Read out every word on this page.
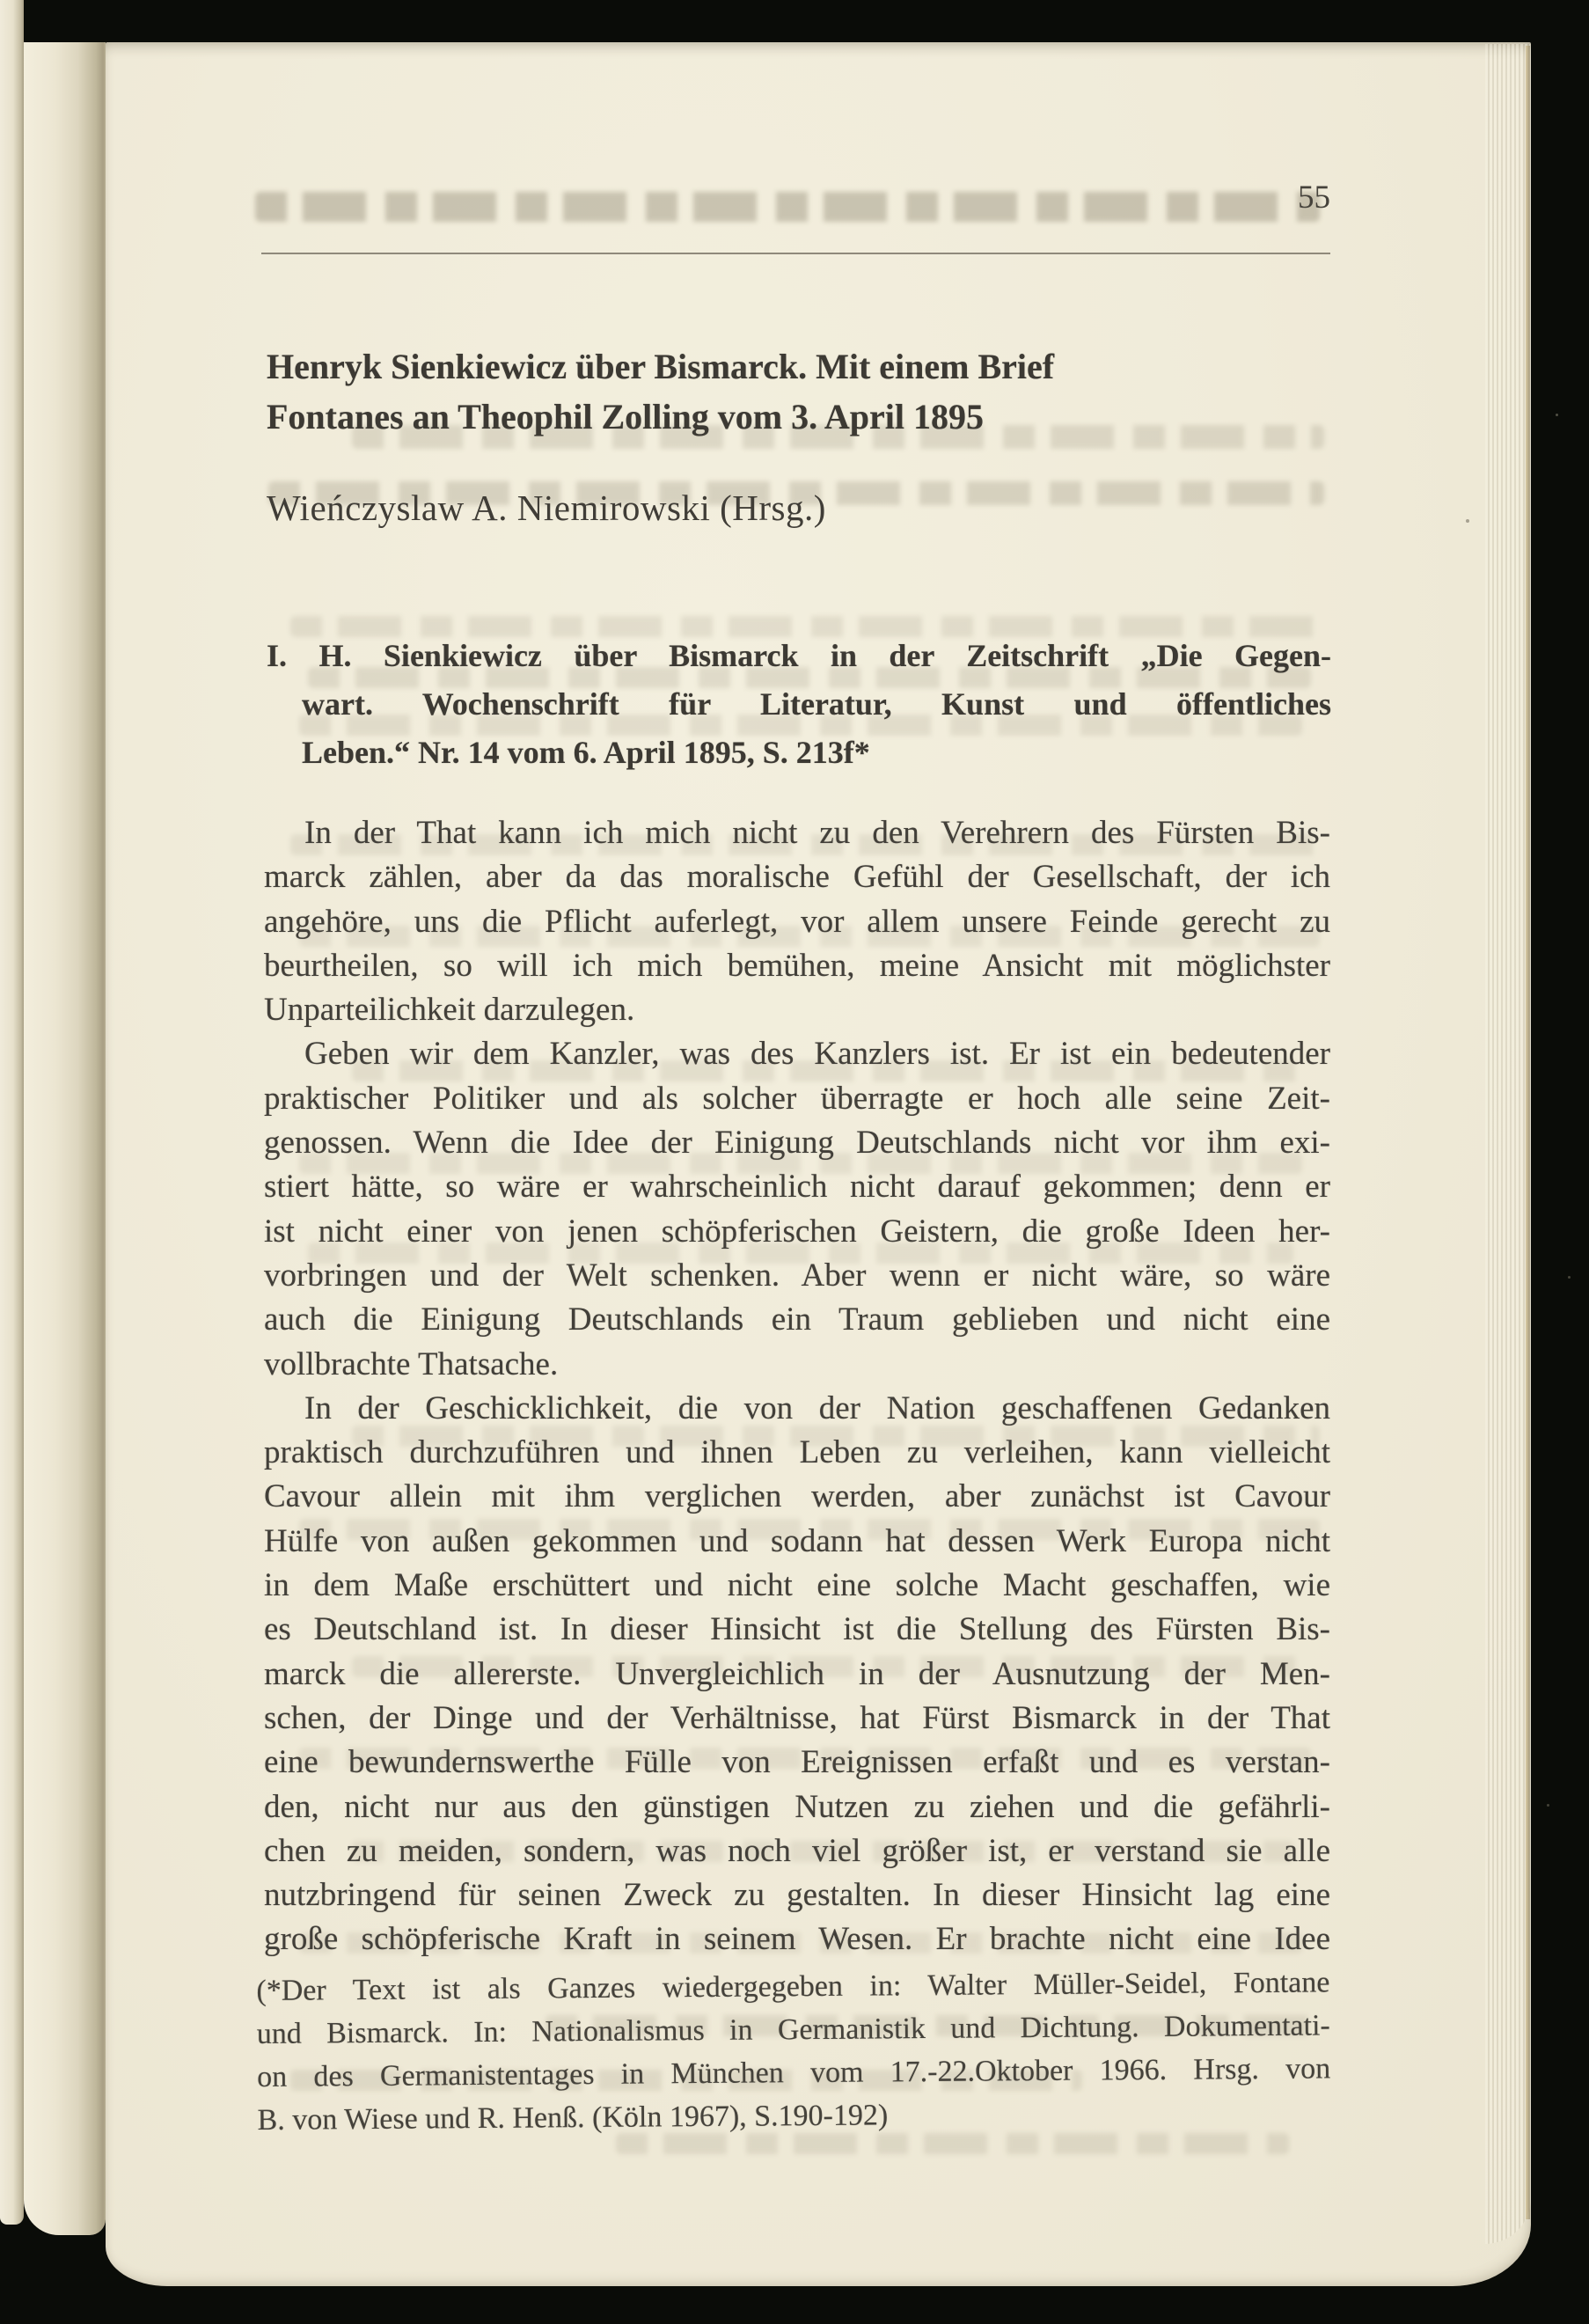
55
Henryk Sienkiewicz über Bismarck. Mit einem Brief
Fontanes an Theophil Zolling vom 3. April 1895
Wieńczyslaw A. Niemirowski (Hrsg.)
I. H. Sienkiewicz über Bismarck in der Zeitschrift „Die Gegen-
wart. Wochenschrift für Literatur, Kunst und öffentliches
Leben.“ Nr. 14 vom 6. April 1895, S. 213f*
In der That kann ich mich nicht zu den Verehrern des Fürsten Bis-
marck zählen, aber da das moralische Gefühl der Gesellschaft, der ich
angehöre, uns die Pflicht auferlegt, vor allem unsere Feinde gerecht zu
beurtheilen, so will ich mich bemühen, meine Ansicht mit möglichster
Unparteilichkeit darzulegen.
Geben wir dem Kanzler, was des Kanzlers ist. Er ist ein bedeutender
praktischer Politiker und als solcher überragte er hoch alle seine Zeit-
genossen. Wenn die Idee der Einigung Deutschlands nicht vor ihm exi-
stiert hätte, so wäre er wahrscheinlich nicht darauf gekommen; denn er
ist nicht einer von jenen schöpferischen Geistern, die große Ideen her-
vorbringen und der Welt schenken. Aber wenn er nicht wäre, so wäre
auch die Einigung Deutschlands ein Traum geblieben und nicht eine
vollbrachte Thatsache.
In der Geschicklichkeit, die von der Nation geschaffenen Gedanken
praktisch durchzuführen und ihnen Leben zu verleihen, kann vielleicht
Cavour allein mit ihm verglichen werden, aber zunächst ist Cavour
Hülfe von außen gekommen und sodann hat dessen Werk Europa nicht
in dem Maße erschüttert und nicht eine solche Macht geschaffen, wie
es Deutschland ist. In dieser Hinsicht ist die Stellung des Fürsten Bis-
marck die allererste. Unvergleichlich in der Ausnutzung der Men-
schen, der Dinge und der Verhältnisse, hat Fürst Bismarck in der That
eine bewundernswerthe Fülle von Ereignissen erfaßt und es verstan-
den, nicht nur aus den günstigen Nutzen zu ziehen und die gefährli-
chen zu meiden, sondern, was noch viel größer ist, er verstand sie alle
nutzbringend für seinen Zweck zu gestalten. In dieser Hinsicht lag eine
große schöpferische Kraft in seinem Wesen. Er brachte nicht eine Idee
(*Der Text ist als Ganzes wiedergegeben in: Walter Müller-Seidel, Fontane
und Bismarck. In: Nationalismus in Germanistik und Dichtung. Dokumentati-
on des Germanistentages in München vom 17.-22.Oktober 1966. Hrsg. von
B. von Wiese und R. Henß. (Köln 1967), S.190-192)
